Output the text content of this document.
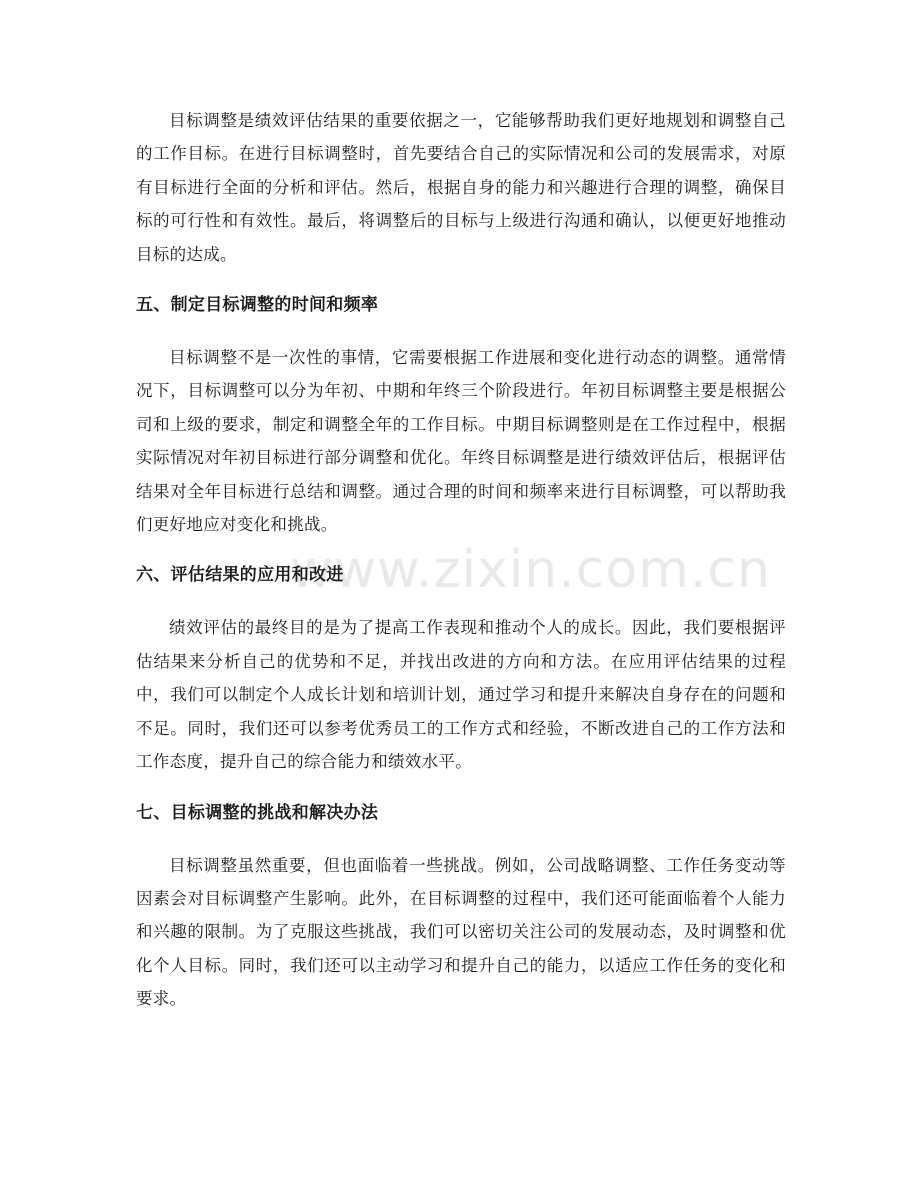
www.zixin.com.cn

目标调整是绩效评估结果的重要依据之一，它能够帮助我们更好地规划和调整自己的工作目标。在进行目标调整时，首先要结合自己的实际情况和公司的发展需求，对原有目标进行全面的分析和评估。然后，根据自身的能力和兴趣进行合理的调整，确保目标的可行性和有效性。最后，将调整后的目标与上级进行沟通和确认，以便更好地推动目标的达成。

五、制定目标调整的时间和频率

目标调整不是一次性的事情，它需要根据工作进展和变化进行动态的调整。通常情况下，目标调整可以分为年初、中期和年终三个阶段进行。年初目标调整主要是根据公司和上级的要求，制定和调整全年的工作目标。中期目标调整则是在工作过程中，根据实际情况对年初目标进行部分调整和优化。年终目标调整是进行绩效评估后，根据评估结果对全年目标进行总结和调整。通过合理的时间和频率来进行目标调整，可以帮助我们更好地应对变化和挑战。

六、评估结果的应用和改进

绩效评估的最终目的是为了提高工作表现和推动个人的成长。因此，我们要根据评估结果来分析自己的优势和不足，并找出改进的方向和方法。在应用评估结果的过程中，我们可以制定个人成长计划和培训计划，通过学习和提升来解决自身存在的问题和不足。同时，我们还可以参考优秀员工的工作方式和经验，不断改进自己的工作方法和工作态度，提升自己的综合能力和绩效水平。

七、目标调整的挑战和解决办法

目标调整虽然重要，但也面临着一些挑战。例如，公司战略调整、工作任务变动等因素会对目标调整产生影响。此外，在目标调整的过程中，我们还可能面临着个人能力和兴趣的限制。为了克服这些挑战，我们可以密切关注公司的发展动态，及时调整和优化个人目标。同时，我们还可以主动学习和提升自己的能力，以适应工作任务的变化和要求。
